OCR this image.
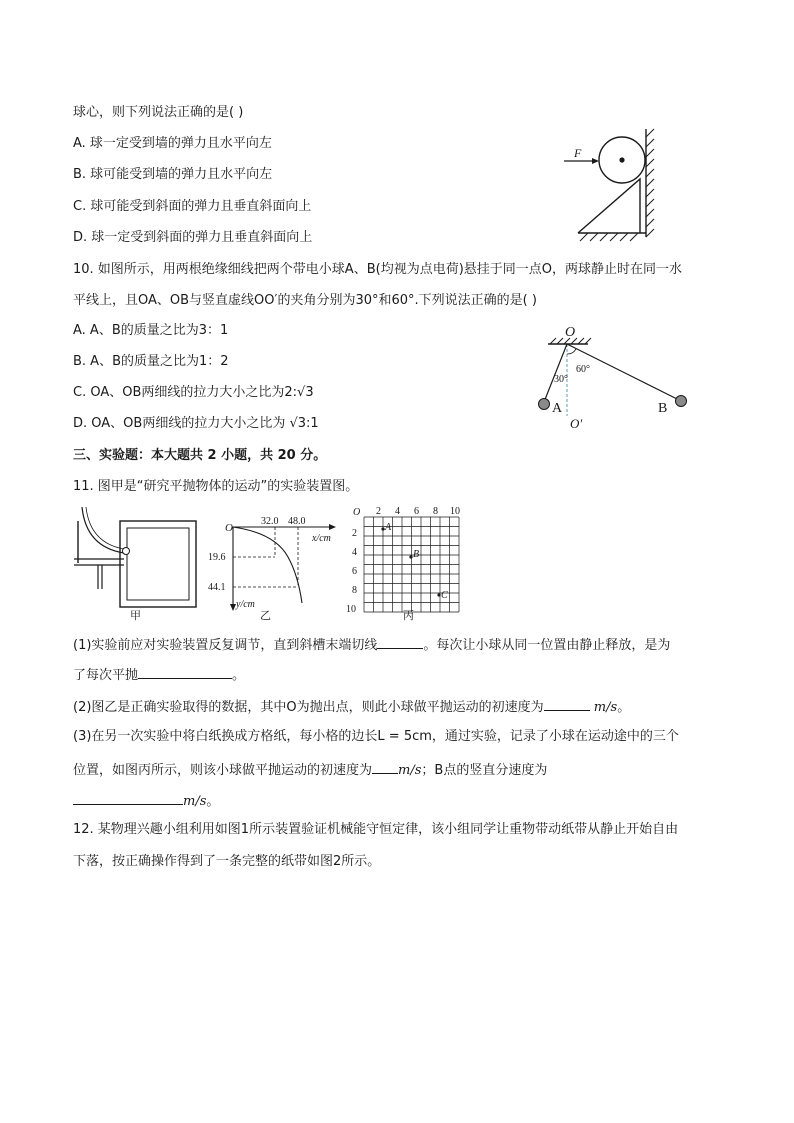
球心，则下列说法正确的是( )
A. 球一定受到墙的弹力且水平向左
B. 球可能受到墙的弹力且水平向左
C. 球可能受到斜面的弹力且垂直斜面向上
D. 球一定受到斜面的弹力且垂直斜面向上
F
10. 如图所示，用两根绝缘细线把两个带电小球A、B(均视为点电荷)悬挂于同一点O，两球静止时在同一水
平线上，且OA、OB与竖直虚线OO′的夹角分别为30°和60°.下列说法正确的是( )
A. A、B的质量之比为3：1
B. A、B的质量之比为1：2
C. OA、OB两细线的拉力大小之比为2:√3
D. OA、OB两细线的拉力大小之比为 √3:1
O
O′
60°
30°
A	B
三、实验题：本大题共 2 小题，共 20 分。
11. 图甲是“研究平抛物体的运动”的实验装置图。
甲
O
32.0 48.0
x/cm
19.6
44.1
y/cm
乙
O 2 4 6 8 10
2
4
6
8
10
A
B
C
丙
(1)实验前应对实验装置反复调节，直到斜槽末端切线	。每次让小球从同一位置由静止释放，是为
了每次平抛	。
(2)图乙是正确实验取得的数据，其中O为抛出点，则此小球做平抛运动的初速度为	m/s。
(3)在另一次实验中将白纸换成方格纸，每小格的边长L = 5cm，通过实验，记录了小球在运动途中的三个
位置，如图丙所示，则该小球做平抛运动的初速度为 m/s；B点的竖直分速度为
m/s。
12. 某物理兴趣小组利用如图1所示装置验证机械能守恒定律，该小组同学让重物带动纸带从静止开始自由
下落，按正确操作得到了一条完整的纸带如图2所示。
